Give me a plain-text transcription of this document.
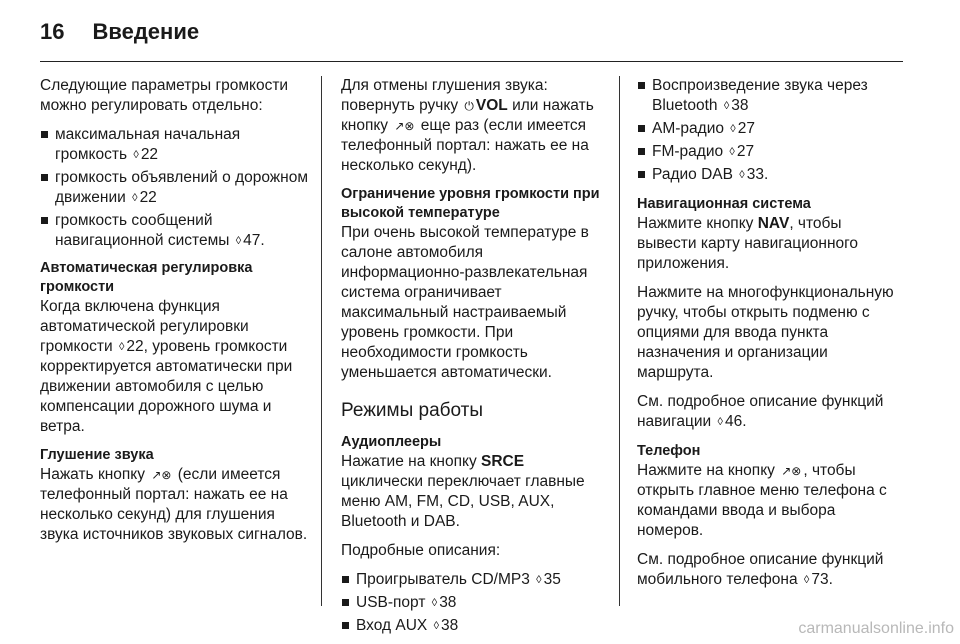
16 Введение

Следующие параметры громкости можно регулировать отдельно:

максимальная начальная громкость ◊ 22
громкость объявлений о дорожном движении ◊ 22
громкость сообщений навигационной системы ◊ 47.

Автоматическая регулировка громкости

Когда включена функция автоматической регулировки громкости ◊ 22, уровень громкости корректируется автоматически при движении автомобиля с целью компенсации дорожного шума и ветра.

Глушение звука

Нажать кнопку ↗⊗ (если имеется телефонный портал: нажать ее на несколько секунд) для глушения звука источников звуковых сигналов.

Для отмены глушения звука: повернуть ручку ⏻ VOL или нажать кнопку ↗⊗ еще раз (если имеется телефонный портал: нажать ее на несколько секунд).

Ограничение уровня громкости при высокой температуре

При очень высокой температуре в салоне автомобиля информационно-развлекательная система ограничивает максимальный настраиваемый уровень громкости. При необходимости громкость уменьшается автоматически.

Режимы работы

Аудиоплееры

Нажатие на кнопку SRCE циклически переключает главные меню AM, FM, CD, USB, AUX, Bluetooth и DAB.

Подробные описания:

Проигрыватель CD/MP3 ◊ 35
USB-порт ◊ 38
Вход AUX ◊ 38
Воспроизведение звука через Bluetooth ◊ 38
АМ-радио ◊ 27
FM-радио ◊ 27
Радио DAB ◊ 33.

Навигационная система

Нажмите кнопку NAV, чтобы вывести карту навигационного приложения.

Нажмите на многофункциональную ручку, чтобы открыть подменю с опциями для ввода пункта назначения и организации маршрута.

См. подробное описание функций навигации ◊ 46.

Телефон

Нажмите на кнопку ↗⊗ , чтобы открыть главное меню телефона с командами ввода и выбора номеров.

См. подробное описание функций мобильного телефона ◊ 73.

carmanualsonline.info
